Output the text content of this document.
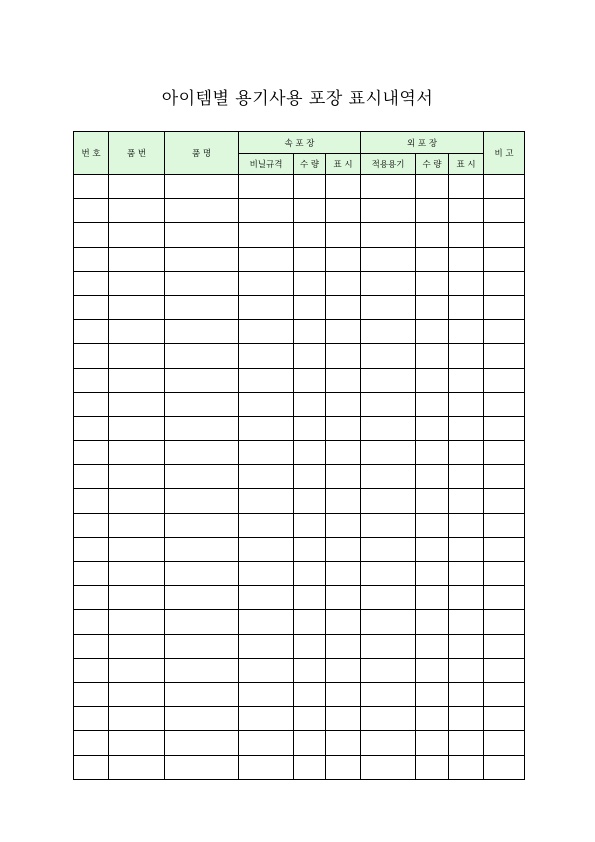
아이템별 용기사용 포장 표시내역서
번 호	품 번	품 명	속 포 장			외 포 장			비 고
			비닐규격	수 량	표 시	적용용기	수 량	표 시	
